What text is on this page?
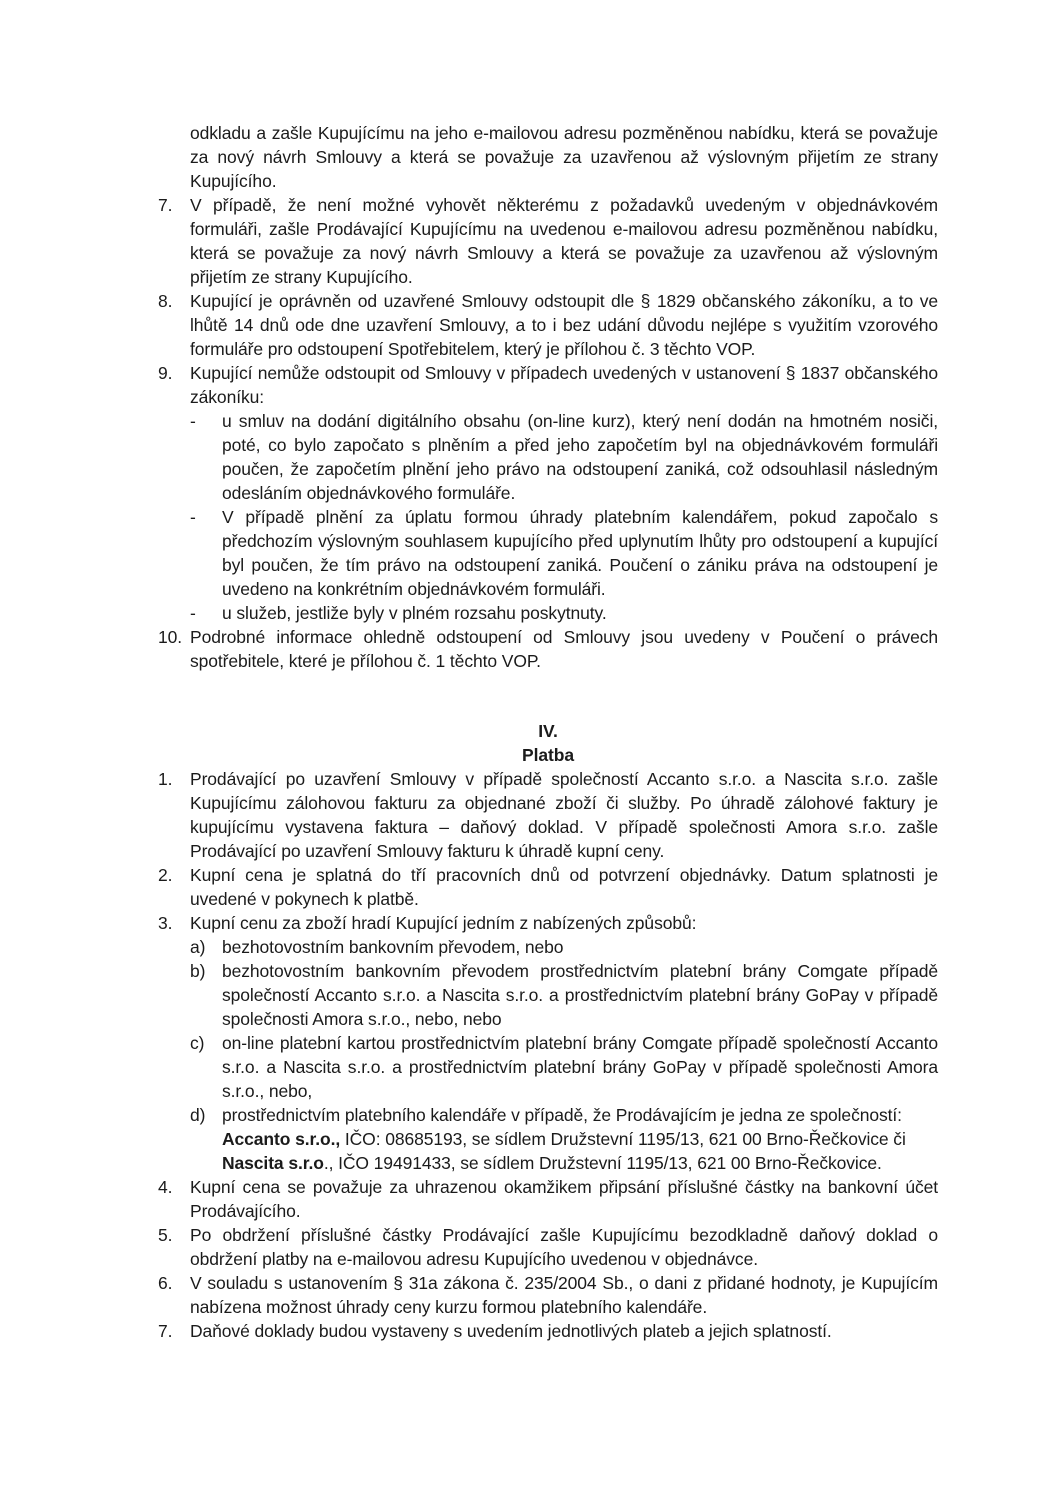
odkladu a zašle Kupujícímu na jeho e-mailovou adresu pozměněnou nabídku, která se považuje za nový návrh Smlouvy a která se považuje za uzavřenou až výslovným přijetím ze strany Kupujícího.
7.	V případě, že není možné vyhovět některému z požadavků uvedeným v objednávkovém formuláři, zašle Prodávající Kupujícímu na uvedenou e-mailovou adresu pozměněnou nabídku, která se považuje za nový návrh Smlouvy a která se považuje za uzavřenou až výslovným přijetím ze strany Kupujícího.
8.	Kupující je oprávněn od uzavřené Smlouvy odstoupit dle § 1829 občanského zákoníku, a to ve lhůtě 14 dnů ode dne uzavření Smlouvy, a to i bez udání důvodu nejlépe s využitím vzorového formuláře pro odstoupení Spotřebitelem, který je přílohou č. 3 těchto VOP.
9.	Kupující nemůže odstoupit od Smlouvy v případech uvedených v ustanovení § 1837 občanského zákoníku:
-	u smluv na dodání digitálního obsahu (on-line kurz), který není dodán na hmotném nosiči, poté, co bylo započato s plněním a před jeho započetím byl na objednávkovém formuláři poučen, že započetím plnění jeho právo na odstoupení zaniká, což odsouhlasil následným odesláním objednávkového formuláře.
-	V případě plnění za úplatu formou úhrady platebním kalendářem, pokud započalo s předchozím výslovným souhlasem kupujícího před uplynutím lhůty pro odstoupení a kupující byl poučen, že tím právo na odstoupení zaniká. Poučení o zániku práva na odstoupení je uvedeno na konkrétním objednávkovém formuláři.
-	u služeb, jestliže byly v plném rozsahu poskytnuty.
10. Podrobné informace ohledně odstoupení od Smlouvy jsou uvedeny v Poučení o právech spotřebitele, které je přílohou č. 1 těchto VOP.
IV.
Platba
1.	Prodávající po uzavření Smlouvy v případě společností Accanto s.r.o. a Nascita s.r.o. zašle Kupujícímu zálohovou fakturu za objednané zboží či služby. Po úhradě zálohové faktury je kupujícímu vystavena faktura – daňový doklad. V případě společnosti Amora s.r.o. zašle Prodávající po uzavření Smlouvy fakturu k úhradě kupní ceny.
2.	Kupní cena je splatná do tří pracovních dnů od potvrzení objednávky. Datum splatnosti je uvedené v pokynech k platbě.
3.	Kupní cenu za zboží hradí Kupující jedním z nabízených způsobů:
a) bezhotovostním bankovním převodem, nebo
b) bezhotovostním bankovním převodem prostřednictvím platební brány Comgate případě společností Accanto s.r.o. a Nascita s.r.o. a prostřednictvím platební brány GoPay v případě společnosti Amora s.r.o., nebo, nebo
c)	on-line platební kartou prostřednictvím platební brány Comgate případě společností Accanto s.r.o. a Nascita s.r.o. a prostřednictvím platební brány GoPay v případě společnosti Amora s.r.o., nebo,
d) prostřednictvím platebního kalendáře v případě, že Prodávajícím je jedna ze společností:
Accanto s.r.o., IČO: 08685193, se sídlem Družstevní 1195/13, 621 00 Brno-Řečkovice či
Nascita s.r.o., IČO 19491433, se sídlem Družstevní 1195/13, 621 00 Brno-Řečkovice.
4.	Kupní cena se považuje za uhrazenou okamžikem připsání příslušné částky na bankovní účet Prodávajícího.
5.	Po obdržení příslušné částky Prodávající zašle Kupujícímu bezodkladně daňový doklad o obdržení platby na e-mailovou adresu Kupujícího uvedenou v objednávce.
6.	V souladu s ustanovením § 31a zákona č. 235/2004 Sb., o dani z přidané hodnoty, je Kupujícím nabízena možnost úhrady ceny kurzu formou platebního kalendáře.
7.	Daňové doklady budou vystaveny s uvedením jednotlivých plateb a jejich splatností.
